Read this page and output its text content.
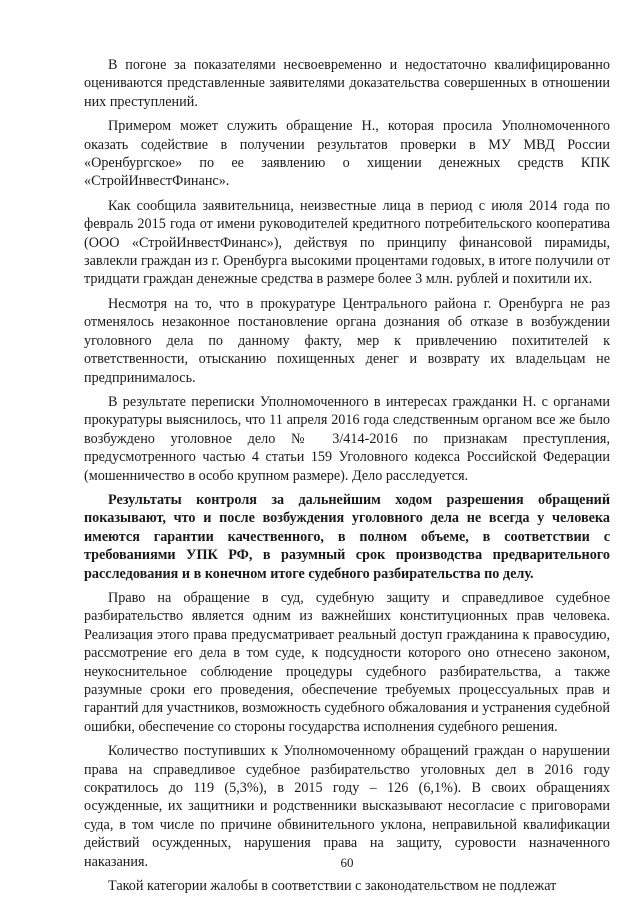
В погоне за показателями несвоевременно и недостаточно квалифицированно оцениваются представленные заявителями доказательства совершенных в отношении них преступлений.

Примером может служить обращение Н., которая просила Уполномоченного оказать содействие в получении результатов проверки в МУ МВД России «Оренбургское» по ее заявлению о хищении денежных средств КПК «СтройИнвестФинанс».

Как сообщила заявительница, неизвестные лица в период с июля 2014 года по февраль 2015 года от имени руководителей кредитного потребительского кооператива (ООО «СтройИнвестФинанс»), действуя по принципу финансовой пирамиды, завлекли граждан из г. Оренбурга высокими процентами годовых, в итоге получили от тридцати граждан денежные средства в размере более 3 млн. рублей и похитили их.

Несмотря на то, что в прокуратуре Центрального района г. Оренбурга не раз отменялось незаконное постановление органа дознания об отказе в возбуждении уголовного дела по данному факту, мер к привлечению похитителей к ответственности, отысканию похищенных денег и возврату их владельцам не предпринималось.

В результате переписки Уполномоченного в интересах гражданки Н. с органами прокуратуры выяснилось, что 11 апреля 2016 года следственным органом все же было возбуждено уголовное дело № 3/414-2016 по признакам преступления, предусмотренного частью 4 статьи 159 Уголовного кодекса Российской Федерации (мошенничество в особо крупном размере). Дело расследуется.

Результаты контроля за дальнейшим ходом разрешения обращений показывают, что и после возбуждения уголовного дела не всегда у человека имеются гарантии качественного, в полном объеме, в соответствии с требованиями УПК РФ, в разумный срок производства предварительного расследования и в конечном итоге судебного разбирательства по делу.

Право на обращение в суд, судебную защиту и справедливое судебное разбирательство является одним из важнейших конституционных прав человека. Реализация этого права предусматривает реальный доступ гражданина к правосудию, рассмотрение его дела в том суде, к подсудности которого оно отнесено законом, неукоснительное соблюдение процедуры судебного разбирательства, а также разумные сроки его проведения, обеспечение требуемых процессуальных прав и гарантий для участников, возможность судебного обжалования и устранения судебной ошибки, обеспечение со стороны государства исполнения судебного решения.

Количество поступивших к Уполномоченному обращений граждан о нарушении права на справедливое судебное разбирательство уголовных дел в 2016 году сократилось до 119 (5,3%), в 2015 году – 126 (6,1%). В своих обращениях осужденные, их защитники и родственники высказывают несогласие с приговорами суда, в том числе по причине обвинительного уклона, неправильной квалификации действий осужденных, нарушения права на защиту, суровости назначенного наказания.

Такой категории жалобы в соответствии с законодательством не подлежат

60
